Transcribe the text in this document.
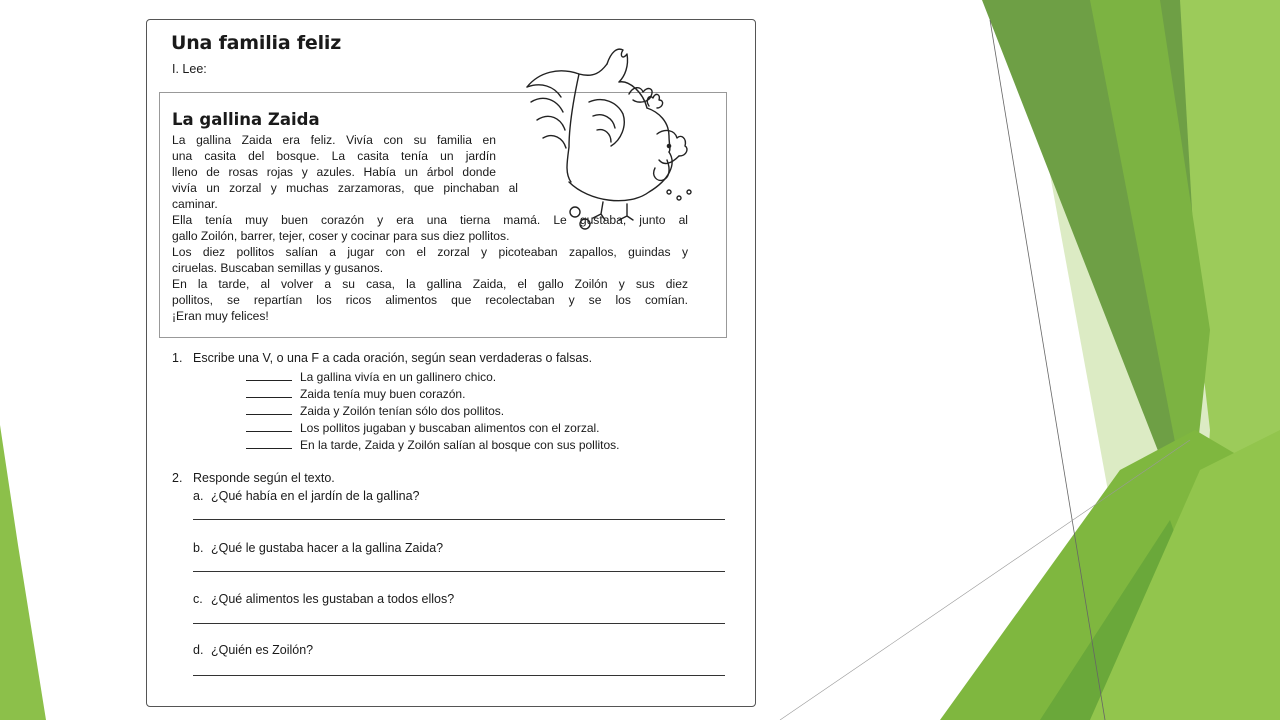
Una familia feliz
I. Lee:
La gallina Zaida
La gallina Zaida era feliz. Vivía con su familia en
una casita del bosque. La casita tenía un jardín
lleno de rosas rojas y azules. Había un árbol donde
vivía un zorzal y muchas zarzamoras, que pinchaban al
caminar.
Ella tenía muy buen corazón y era una tierna mamá. Le gustaba, junto al
gallo Zoilón, barrer, tejer, coser y cocinar para sus diez pollitos.
Los diez pollitos salían a jugar con el zorzal y picoteaban zapallos, guindas y
ciruelas. Buscaban semillas y gusanos.
En la tarde, al volver a su casa, la gallina Zaida, el gallo Zoilón y sus diez
pollitos, se repartían los ricos alimentos que recolectaban y se los comían.
¡Eran muy felices!
1. Escribe una V, o una F a cada oración, según sean verdaderas o falsas.
La gallina vivía en un gallinero chico.
Zaida tenía muy buen corazón.
Zaida y Zoilón tenían sólo dos pollitos.
Los pollitos jugaban y buscaban alimentos con el zorzal.
En la tarde, Zaida y Zoilón salían al bosque con sus pollitos.
2. Responde según el texto.
a. ¿Qué había en el jardín de la gallina?
b. ¿Qué le gustaba hacer a la gallina Zaida?
c. ¿Qué alimentos les gustaban a todos ellos?
d. ¿Quién es Zoilón?
